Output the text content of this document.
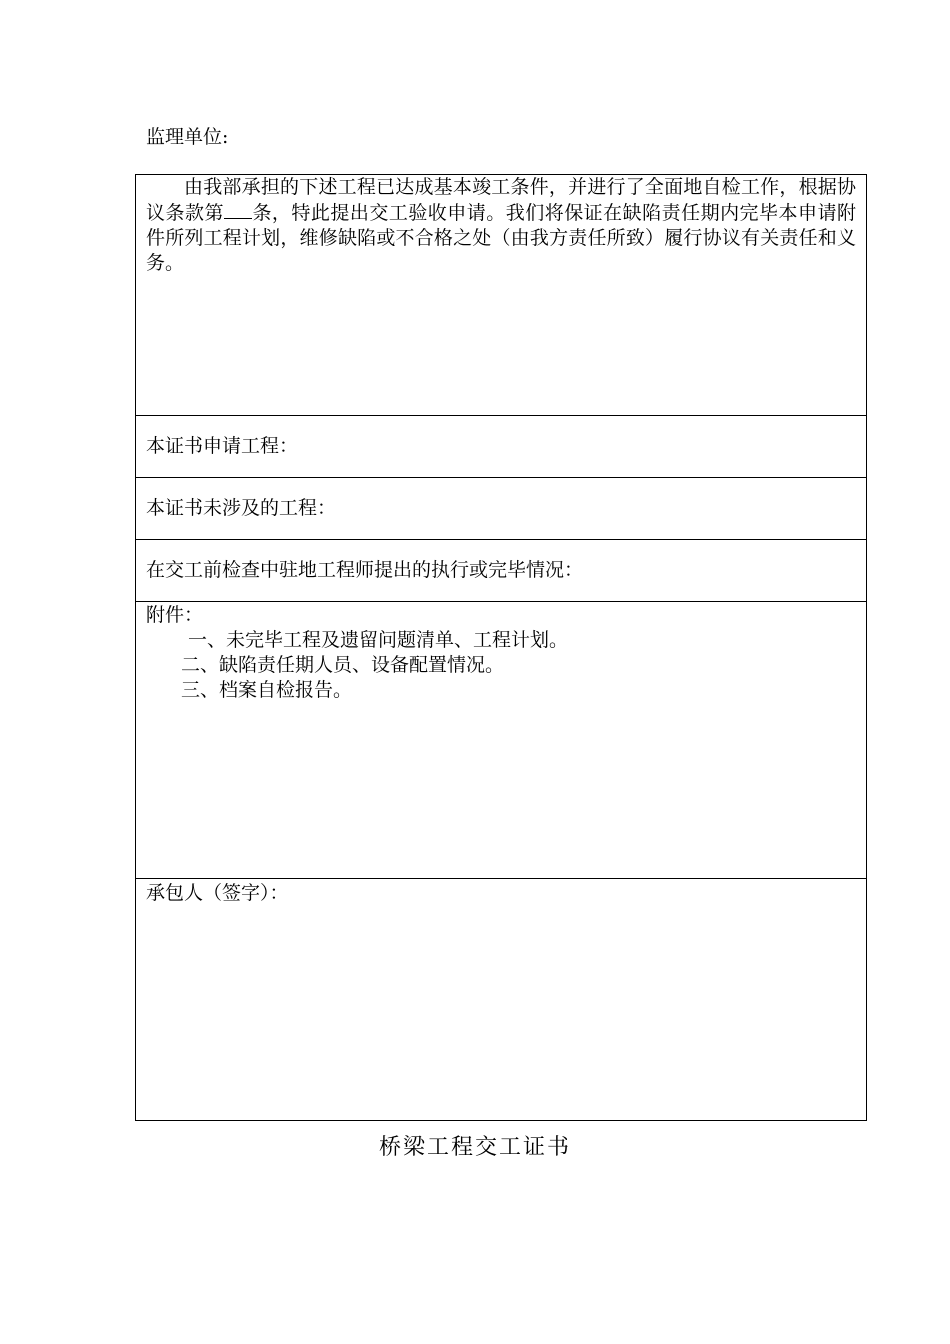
监理单位:

由我部承担的下述工程已达成基本竣工条件，并进行了全面地自检工作，根据协议条款第 条，特此提出交工验收申请。我们将保证在缺陷责任期内完毕本申请附件所列工程计划，维修缺陷或不合格之处（由我方责任所致）履行协议有关责任和义务。

本证书申请工程：
本证书未涉及的工程：
在交工前检查中驻地工程师提出的执行或完毕情况：

附件：

一、未完毕工程及遗留问题清单、工程计划。

二、缺陷责任期人员、设备配置情况。

三、档案自检报告。

承包人（签字）：

桥梁工程交工证书
